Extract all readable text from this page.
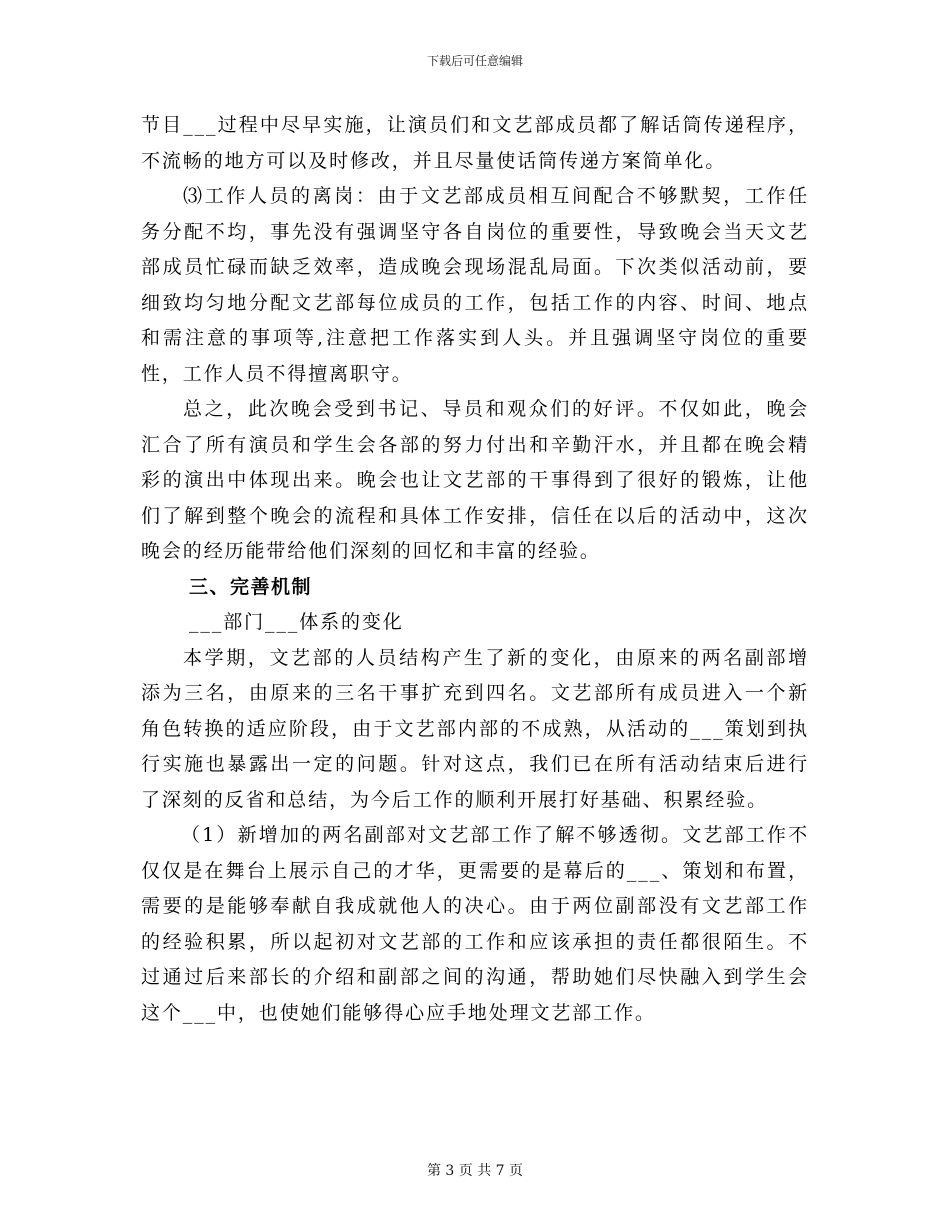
下载后可任意编辑

节目___过程中尽早实施，让演员们和文艺部成员都了解话筒传递程序，不流畅的地方可以及时修改，并且尽量使话筒传递方案简单化。

⑶工作人员的离岗：由于文艺部成员相互间配合不够默契，工作任务分配不均，事先没有强调坚守各自岗位的重要性，导致晚会当天文艺部成员忙碌而缺乏效率，造成晚会现场混乱局面。下次类似活动前，要细致均匀地分配文艺部每位成员的工作，包括工作的内容、时间、地点和需注意的事项等,注意把工作落实到人头。并且强调坚守岗位的重要性，工作人员不得擅离职守。

总之，此次晚会受到书记、导员和观众们的好评。不仅如此，晚会汇合了所有演员和学生会各部的努力付出和辛勤汗水，并且都在晚会精彩的演出中体现出来。晚会也让文艺部的干事得到了很好的锻炼，让他们了解到整个晚会的流程和具体工作安排，信任在以后的活动中，这次晚会的经历能带给他们深刻的回忆和丰富的经验。

三、完善机制

___部门___体系的变化

本学期，文艺部的人员结构产生了新的变化，由原来的两名副部增添为三名，由原来的三名干事扩充到四名。文艺部所有成员进入一个新角色转换的适应阶段，由于文艺部内部的不成熟，从活动的___策划到执行实施也暴露出一定的问题。针对这点，我们已在所有活动结束后进行了深刻的反省和总结，为今后工作的顺利开展打好基础、积累经验。

（1）新增加的两名副部对文艺部工作了解不够透彻。文艺部工作不仅仅是在舞台上展示自己的才华，更需要的是幕后的___、策划和布置，需要的是能够奉献自我成就他人的决心。由于两位副部没有文艺部工作的经验积累，所以起初对文艺部的工作和应该承担的责任都很陌生。不过通过后来部长的介绍和副部之间的沟通，帮助她们尽快融入到学生会这个___中，也使她们能够得心应手地处理文艺部工作。

第 3 页 共 7 页
